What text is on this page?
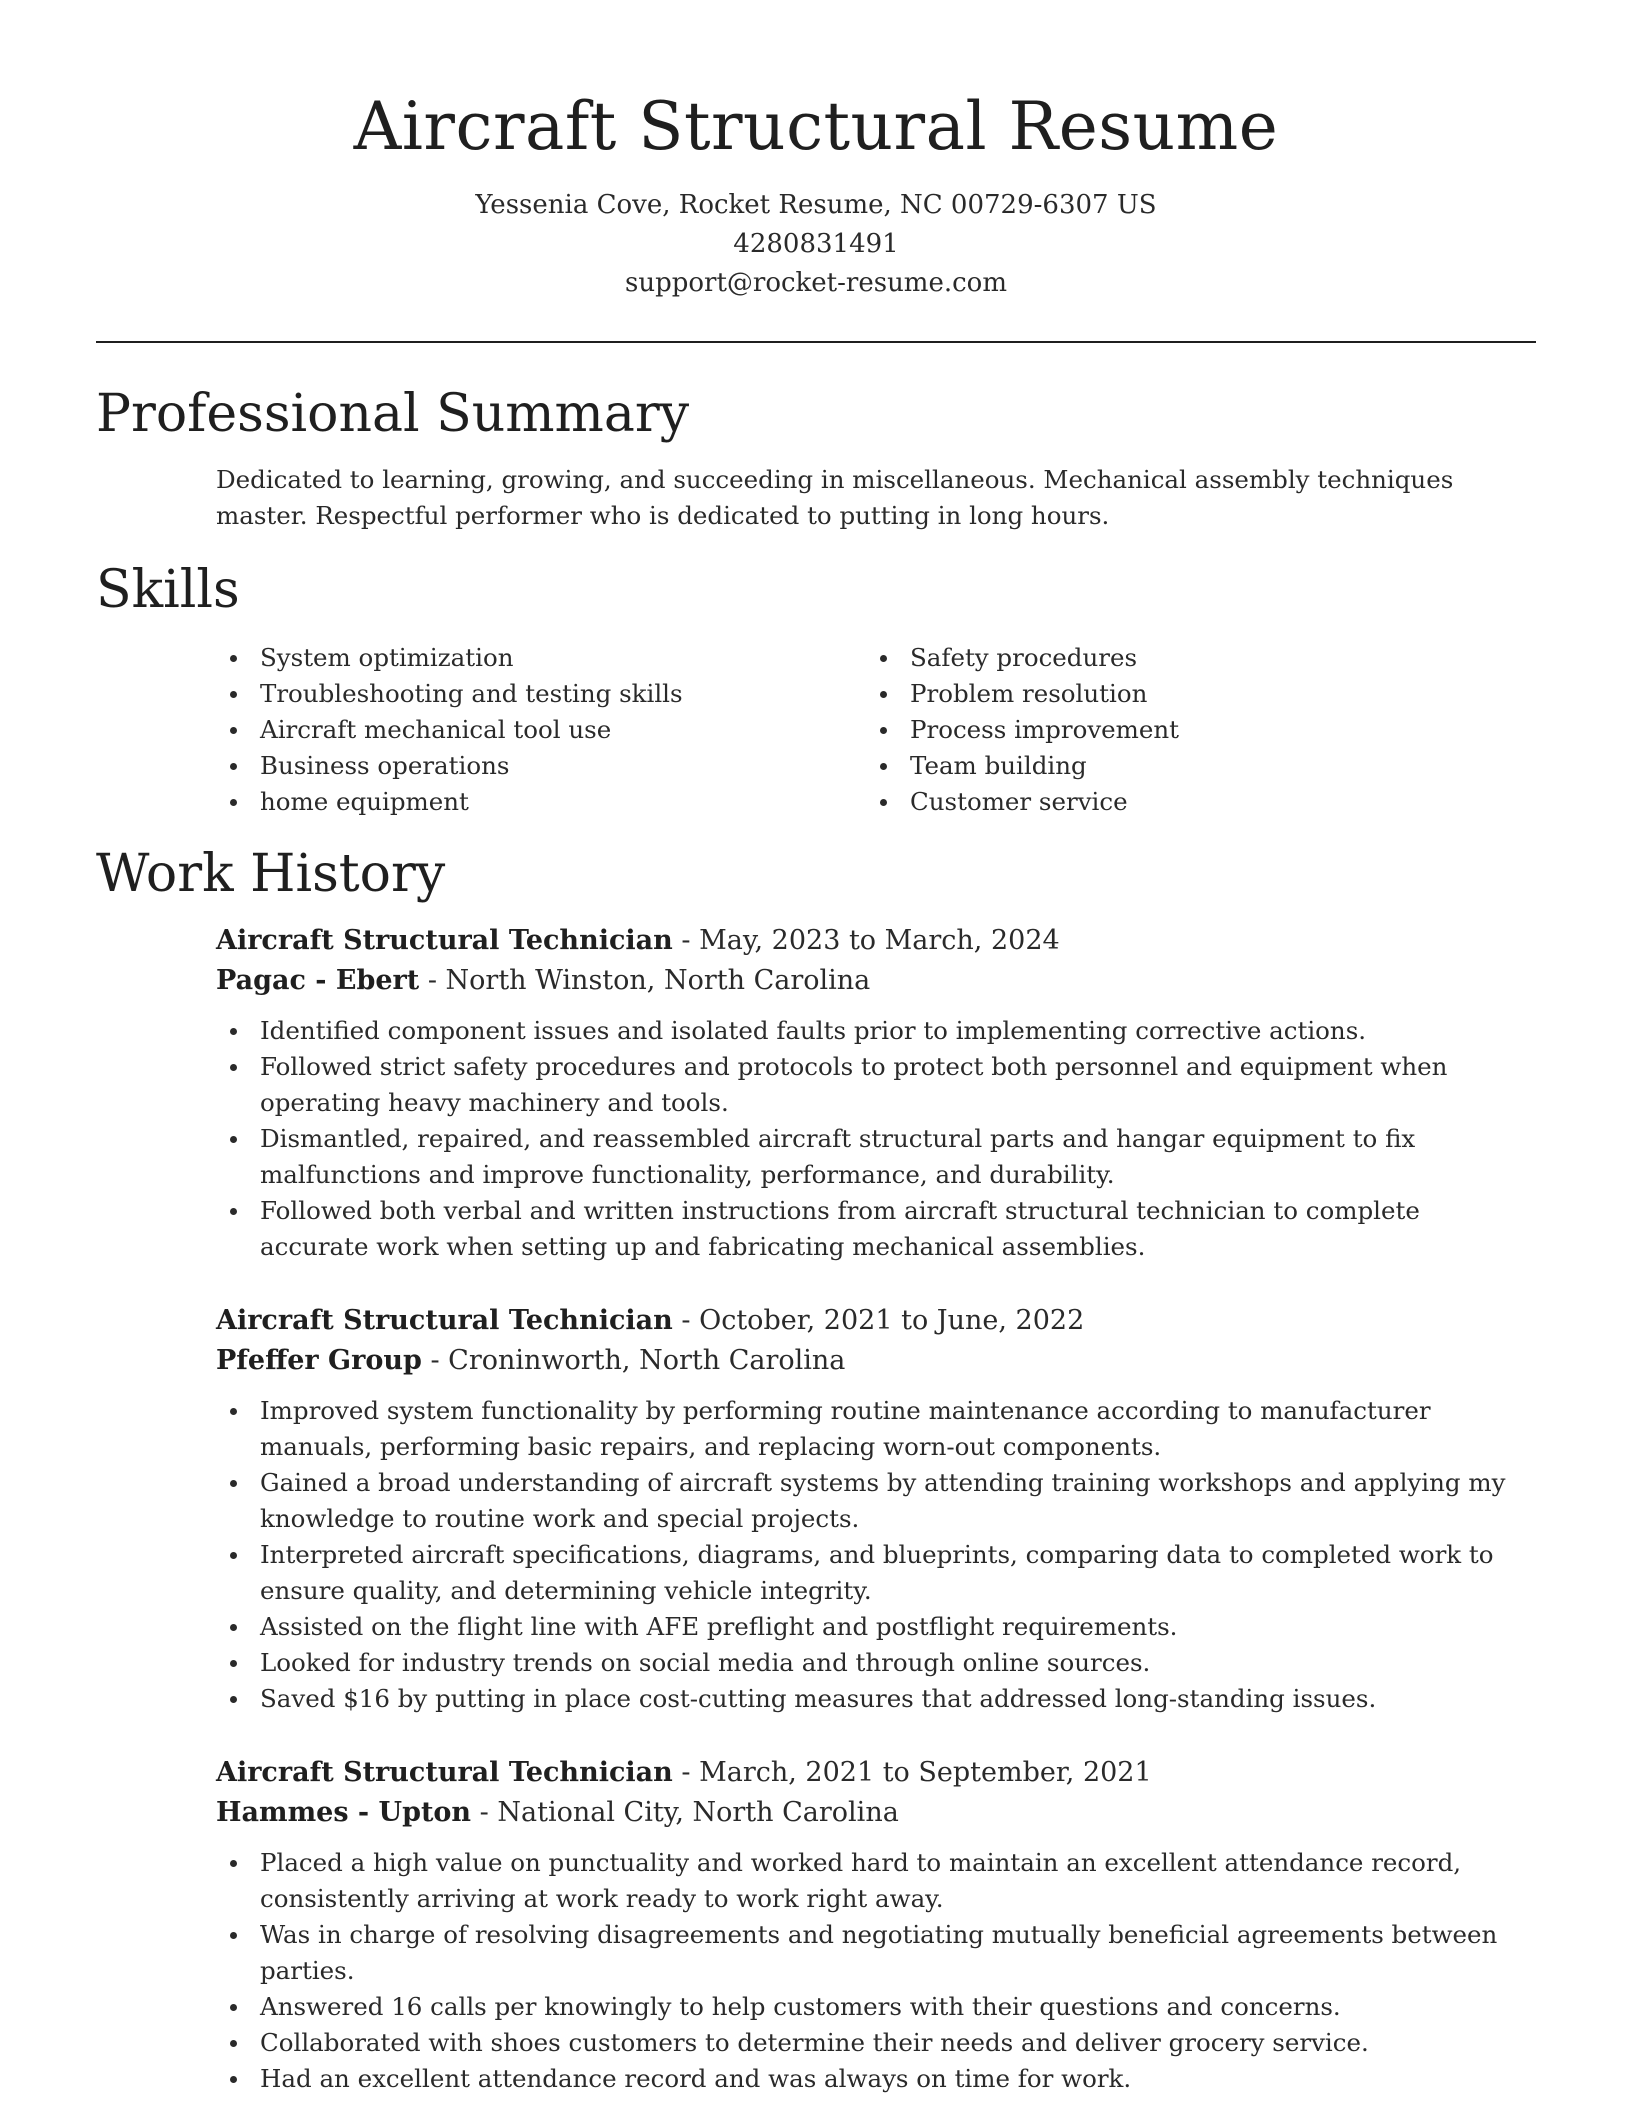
Aircraft Structural Resume
Yessenia Cove, Rocket Resume, NC 00729-6307 US
4280831491
support@rocket-resume.com
Professional Summary
Dedicated to learning, growing, and succeeding in miscellaneous. Mechanical assembly techniques master. Respectful performer who is dedicated to putting in long hours.
Skills
System optimization
Troubleshooting and testing skills
Aircraft mechanical tool use
Business operations
home equipment
Safety procedures
Problem resolution
Process improvement
Team building
Customer service
Work History
Aircraft Structural Technician - May, 2023 to March, 2024
Pagac - Ebert - North Winston, North Carolina
Identified component issues and isolated faults prior to implementing corrective actions.
Followed strict safety procedures and protocols to protect both personnel and equipment when operating heavy machinery and tools.
Dismantled, repaired, and reassembled aircraft structural parts and hangar equipment to fix malfunctions and improve functionality, performance, and durability.
Followed both verbal and written instructions from aircraft structural technician to complete accurate work when setting up and fabricating mechanical assemblies.
Aircraft Structural Technician - October, 2021 to June, 2022
Pfeffer Group - Croninworth, North Carolina
Improved system functionality by performing routine maintenance according to manufacturer manuals, performing basic repairs, and replacing worn-out components.
Gained a broad understanding of aircraft systems by attending training workshops and applying my knowledge to routine work and special projects.
Interpreted aircraft specifications, diagrams, and blueprints, comparing data to completed work to ensure quality, and determining vehicle integrity.
Assisted on the flight line with AFE preflight and postflight requirements.
Looked for industry trends on social media and through online sources.
Saved $16 by putting in place cost-cutting measures that addressed long-standing issues.
Aircraft Structural Technician - March, 2021 to September, 2021
Hammes - Upton - National City, North Carolina
Placed a high value on punctuality and worked hard to maintain an excellent attendance record, consistently arriving at work ready to work right away.
Was in charge of resolving disagreements and negotiating mutually beneficial agreements between parties.
Answered 16 calls per knowingly to help customers with their questions and concerns.
Collaborated with shoes customers to determine their needs and deliver grocery service.
Had an excellent attendance record and was always on time for work.
